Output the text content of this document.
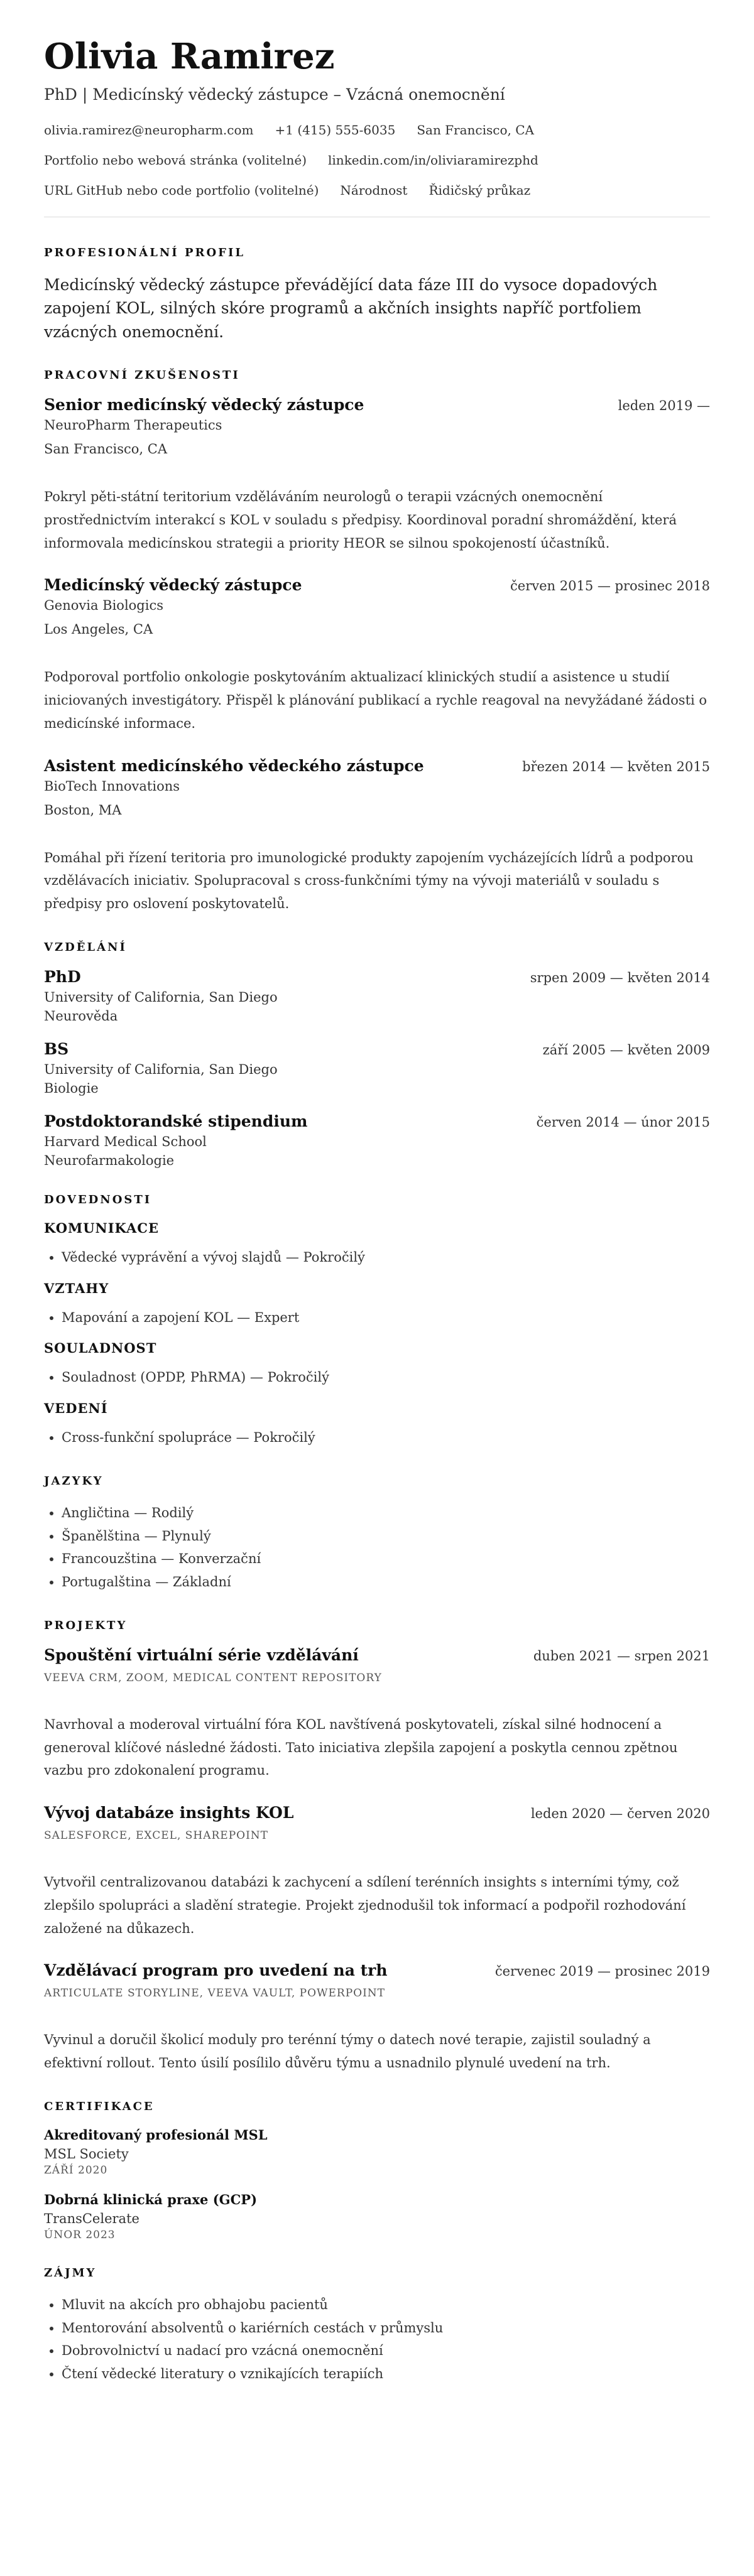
Olivia Ramirez
PhD | Medicínský vědecký zástupce – Vzácná onemocnění
olivia.ramirez@neuropharm.com +1 (415) 555-6035 San Francisco, CA
Portfolio nebo webová stránka (volitelné) linkedin.com/in/oliviaramirezphd
URL GitHub nebo code portfolio (volitelné) Národnost Řidičský průkaz
PROFESIONÁLNÍ PROFIL

Medicínský vědecký zástupce převádějící data fáze III do vysoce dopadových zapojení KOL, silných skóre programů a akčních insights napříč portfoliem vzácných onemocnění.

PRACOVNÍ ZKUŠENOSTI
Senior medicínský vědecký zástupce	leden 2019 —
NeuroPharm Therapeutics
San Francisco, CA
Pokryl pěti-státní teritorium vzděláváním neurologů o terapii vzácných onemocnění prostřednictvím interakcí s KOL v souladu s předpisy. Koordinoval poradní shromáždění, která informovala medicínskou strategii a priority HEOR se silnou spokojeností účastníků.
Medicínský vědecký zástupce	červen 2015 — prosinec 2018
Genovia Biologics
Los Angeles, CA
Podporoval portfolio onkologie poskytováním aktualizací klinických studií a asistence u studií iniciovaných investigátory. Přispěl k plánování publikací a rychle reagoval na nevyžádané žádosti o medicínské informace.
Asistent medicínského vědeckého zástupce	březen 2014 — květen 2015
BioTech Innovations
Boston, MA
Pomáhal při řízení teritoria pro imunologické produkty zapojením vycházejících lídrů a podporou vzdělávacích iniciativ. Spolupracoval s cross-funkčními týmy na vývoji materiálů v souladu s předpisy pro oslovení poskytovatelů.
VZDĚLÁNÍ
PhD	srpen 2009 — květen 2014
University of California, San Diego
Neurověda
BS	září 2005 — květen 2009
University of California, San Diego
Biologie
Postdoktorandské stipendium	červen 2014 — únor 2015
Harvard Medical School
Neurofarmakologie
DOVEDNOSTI
KOMUNIKACE
• Vědecké vyprávění a vývoj slajdů — Pokročilý
VZTAHY
• Mapování a zapojení KOL — Expert
SOULADNOST
• Souladnost (OPDP, PhRMA) — Pokročilý
VEDENÍ
• Cross-funkční spolupráce — Pokročilý
JAZYKY
• Angličtina — Rodilý
• Španělština — Plynulý
• Francouzština — Konverzační
• Portugalština — Základní
PROJEKTY
Spouštění virtuální série vzdělávání	duben 2021 — srpen 2021
VEEVA CRM, ZOOM, MEDICAL CONTENT REPOSITORY
Navrhoval a moderoval virtuální fóra KOL navštívená poskytovateli, získal silné hodnocení a generoval klíčové následné žádosti. Tato iniciativa zlepšila zapojení a poskytla cennou zpětnou vazbu pro zdokonalení programu.
Vývoj databáze insights KOL	leden 2020 — červen 2020
SALESFORCE, EXCEL, SHAREPOINT
Vytvořil centralizovanou databázi k zachycení a sdílení terénních insights s interními týmy, což zlepšilo spolupráci a sladění strategie. Projekt zjednodušil tok informací a podpořil rozhodování založené na důkazech.
Vzdělávací program pro uvedení na trh	červenec 2019 — prosinec 2019
ARTICULATE STORYLINE, VEEVA VAULT, POWERPOINT
Vyvinul a doručil školicí moduly pro terénní týmy o datech nové terapie, zajistil souladný a efektivní rollout. Tento úsilí posílilo důvěru týmu a usnadnilo plynulé uvedení na trh.
CERTIFIKACE
Akreditovaný profesionál MSL
MSL Society
ZÁŘÍ 2020
Dobrná klinická praxe (GCP)
TransCelerate
ÚNOR 2023
ZÁJMY
• Mluvit na akcích pro obhajobu pacientů
• Mentorování absolventů o kariérních cestách v průmyslu
• Dobrovolnictví u nadací pro vzácná onemocnění
• Čtení vědecké literatury o vznikajících terapiích
